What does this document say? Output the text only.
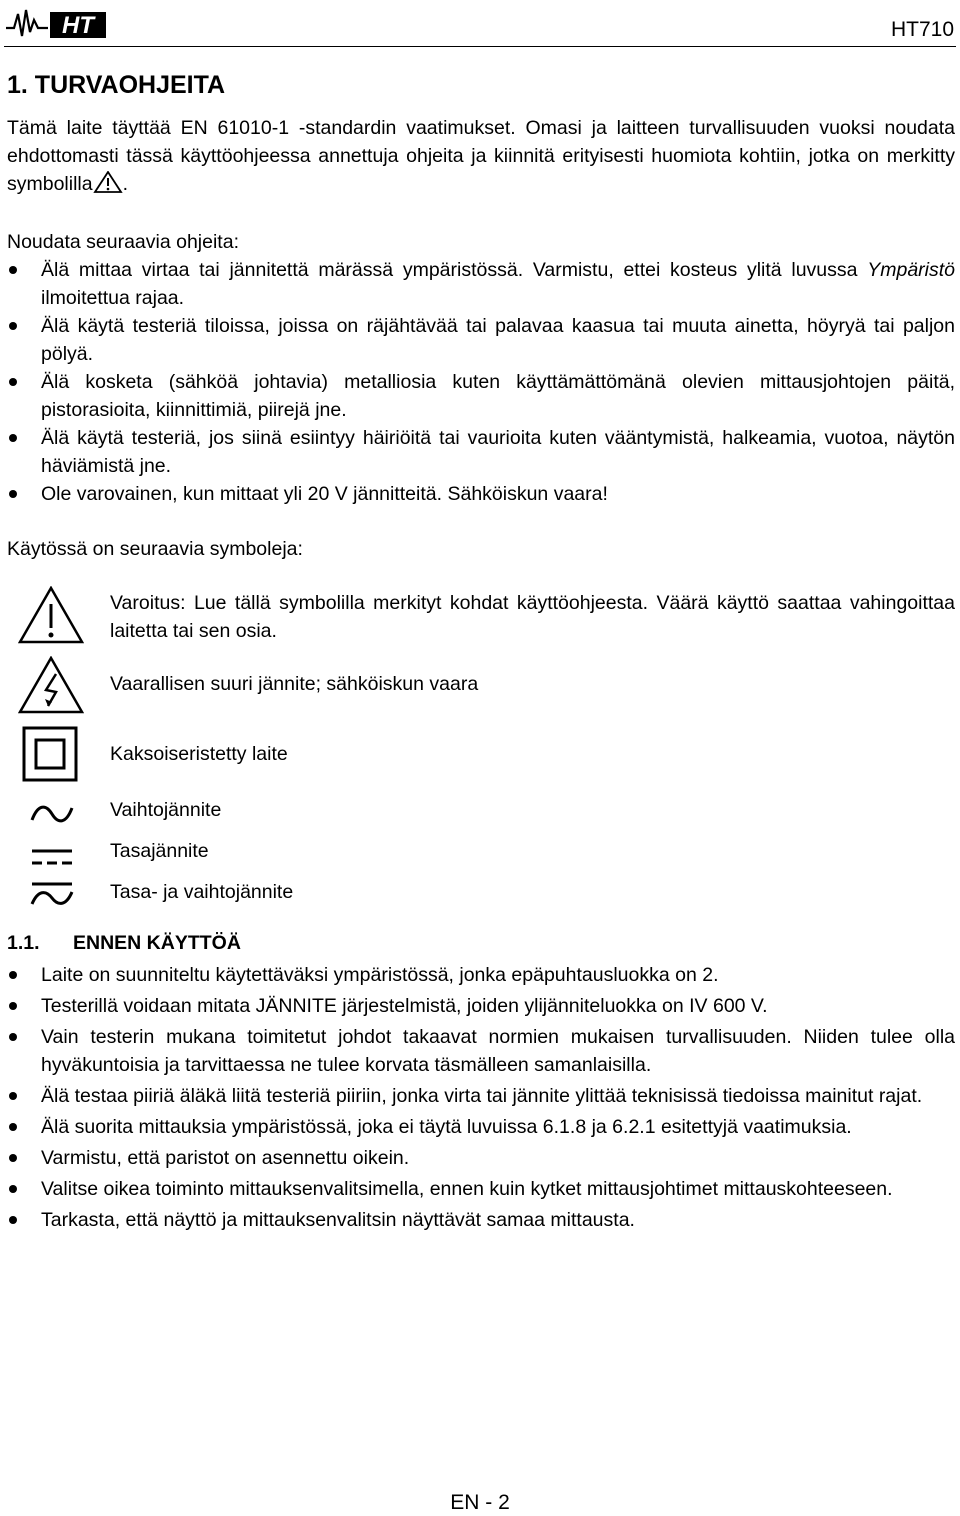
HT	HT710
1. TURVAOHJEITA
Tämä laite täyttää EN 61010-1 -standardin vaatimukset. Omasi ja laitteen turvallisuuden vuoksi noudata ehdottomasti tässä käyttöohjeessa annettuja ohjeita ja kiinnitä erityisesti huomiota kohtiin, jotka on merkitty symbolilla .
Noudata seuraavia ohjeita:
Älä mittaa virtaa tai jännitettä märässä ympäristössä. Varmistu, ettei kosteus ylitä luvussa Ympäristö ilmoitettua rajaa.
Älä käytä testeriä tiloissa, joissa on räjähtävää tai palavaa kaasua tai muuta ainetta, höyryä tai paljon pölyä.
Älä kosketa (sähköä johtavia) metalliosia kuten käyttämättömänä olevien mittausjohtojen päitä, pistorasioita, kiinnittimiä, piirejä jne.
Älä käytä testeriä, jos siinä esiintyy häiriöitä tai vaurioita kuten vääntymistä, halkeamia, vuotoa, näytön häviämistä jne.
Ole varovainen, kun mittaat yli 20 V jännitteitä. Sähköiskun vaara!
Käytössä on seuraavia symboleja:
Varoitus: Lue tällä symbolilla merkityt kohdat käyttöohjeesta. Väärä käyttö saattaa vahingoittaa laitetta tai sen osia.
Vaarallisen suuri jännite; sähköiskun vaara
Kaksoiseristetty laite
Vaihtojännite
Tasajännite
Tasa- ja vaihtojännite
1.1. ENNEN KÄYTTÖÄ
Laite on suunniteltu käytettäväksi ympäristössä, jonka epäpuhtausluokka on 2.
Testerillä voidaan mitata JÄNNITE järjestelmistä, joiden ylijänniteluokka on IV 600 V.
Vain testerin mukana toimitetut johdot takaavat normien mukaisen turvallisuuden. Niiden tulee olla hyväkuntoisia ja tarvittaessa ne tulee korvata täsmälleen samanlaisilla.
Älä testaa piiriä äläkä liitä testeriä piiriin, jonka virta tai jännite ylittää teknisissä tiedoissa mainitut rajat.
Älä suorita mittauksia ympäristössä, joka ei täytä luvuissa 6.1.8 ja 6.2.1 esitettyjä vaatimuksia.
Varmistu, että paristot on asennettu oikein.
Valitse oikea toiminto mittauksenvalitsimella, ennen kuin kytket mittausjohtimet mittauskohteeseen.
Tarkasta, että näyttö ja mittauksenvalitsin näyttävät samaa mittausta.
EN - 2
